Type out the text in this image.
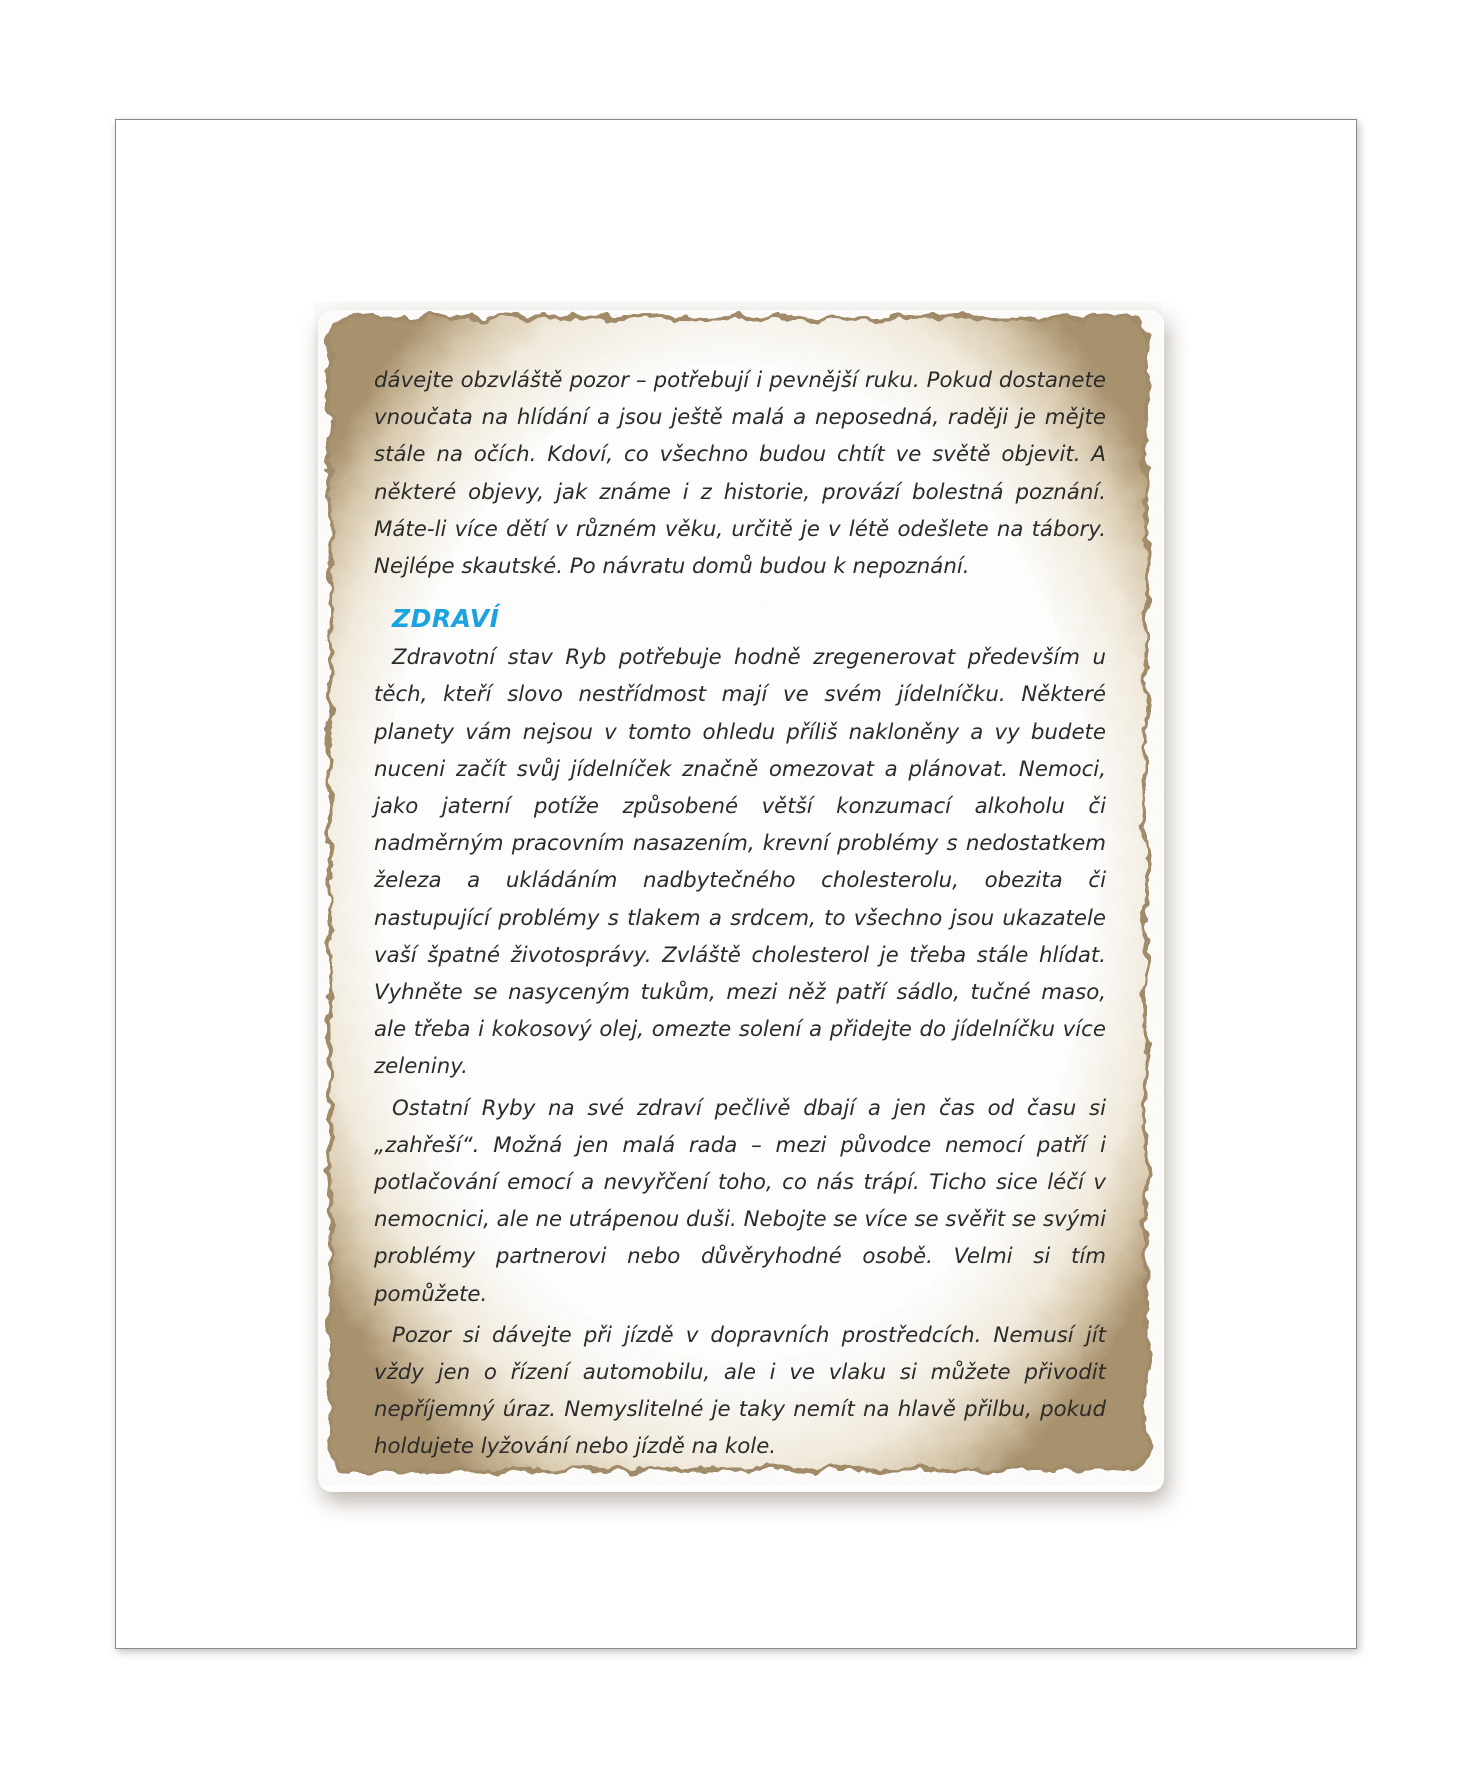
dávejte obzvláště pozor – potřebují i pevnější ruku. Pokud dostanete vnoučata na hlídání a jsou ještě malá a neposedná, raději je mějte stále na očích. Kdoví, co všechno budou chtít ve světě objevit. A některé objevy, jak známe i z historie, provází bolestná poznání. Máte-li více dětí v různém věku, určitě je v létě odešlete na tábory. Nejlépe skautské. Po návratu domů budou k nepoznání.

ZDRAVÍ

Zdravotní stav Ryb potřebuje hodně zregenerovat především u těch, kteří slovo nestřídmost mají ve svém jídelníčku. Některé planety vám nejsou v tomto ohledu příliš nakloněny a vy budete nuceni začít svůj jídelníček značně omezovat a plánovat. Nemoci, jako jaterní potíže způsobené větší konzumací alkoholu či nadměrným pracovním nasazením, krevní problémy s nedostatkem železa a ukládáním nadbytečného cholesterolu, obezita či nastupující problémy s tlakem a srdcem, to všechno jsou ukazatele vaší špatné životosprávy. Zvláště cholesterol je třeba stále hlídat. Vyhněte se nasyceným tukům, mezi něž patří sádlo, tučné maso, ale třeba i kokosový olej, omezte solení a přidejte do jídelníčku více zeleniny.

Ostatní Ryby na své zdraví pečlivě dbají a jen čas od času si „zahřeší“. Možná jen malá rada – mezi původce nemocí patří i potlačování emocí a nevyřčení toho, co nás trápí. Ticho sice léčí v nemocnici, ale ne utrápenou duši. Nebojte se více se svěřit se svými problémy partnerovi nebo důvěryhodné osobě. Velmi si tím pomůžete.

Pozor si dávejte při jízdě v dopravních prostředcích. Nemusí jít vždy jen o řízení automobilu, ale i ve vlaku si můžete přivodit nepříjemný úraz. Nemyslitelné je taky nemít na hlavě přilbu, pokud holdujete lyžování nebo jízdě na kole.
